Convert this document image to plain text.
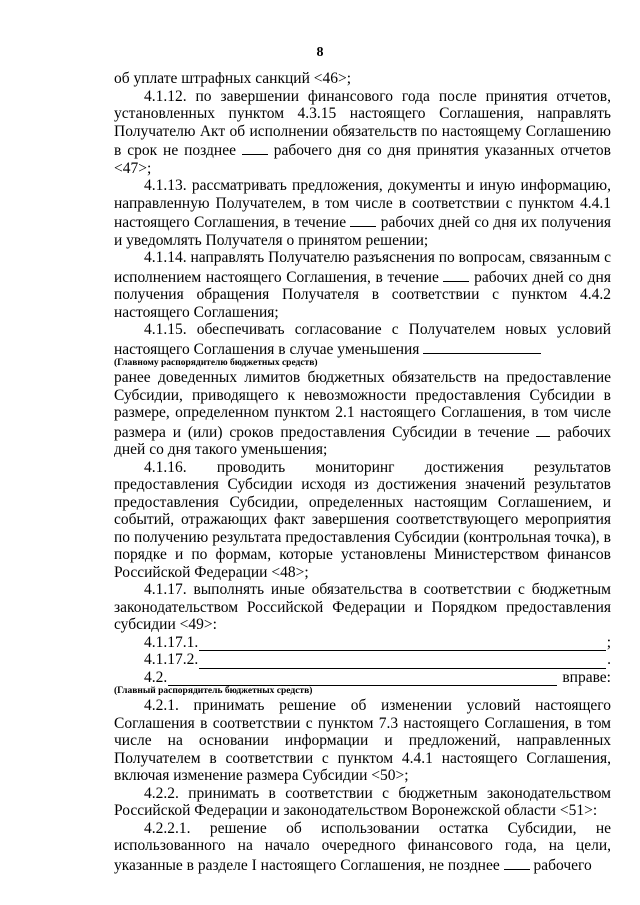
8

об уплате штрафных санкций <46>;

4.1.12. по завершении финансового года после принятия отчетов, установленных пунктом 4.3.15 настоящего Соглашения, направлять Получателю Акт об исполнении обязательств по настоящему Соглашению в срок не позднее рабочего дня со дня принятия указанных отчетов <47>;

4.1.13. рассматривать предложения, документы и иную информацию, направленную Получателем, в том числе в соответствии с пунктом 4.4.1 настоящего Соглашения, в течение рабочих дней со дня их получения и уведомлять Получателя о принятом решении;

4.1.14. направлять Получателю разъяснения по вопросам, связанным с исполнением настоящего Соглашения, в течение рабочих дней со дня получения обращения Получателя в соответствии с пунктом 4.4.2 настоящего Соглашения;

4.1.15. обеспечивать согласование с Получателем новых условий настоящего Соглашения в случае уменьшения

(Главному распорядителю бюджетных средств)

ранее доведенных лимитов бюджетных обязательств на предоставление Субсидии, приводящего к невозможности предоставления Субсидии в размере, определенном пунктом 2.1 настоящего Соглашения, в том числе размера и (или) сроков предоставления Субсидии в течение рабочих дней со дня такого уменьшения;

4.1.16. проводить мониторинг достижения результатов предоставления Субсидии исходя из достижения значений результатов предоставления Субсидии, определенных настоящим Соглашением, и событий, отражающих факт завершения соответствующего мероприятия по получению результата предоставления Субсидии (контрольная точка), в порядке и по формам, которые установлены Министерством финансов Российской Федерации <48>;

4.1.17. выполнять иные обязательства в соответствии с бюджетным законодательством Российской Федерации и Порядком предоставления субсидии <49>:

4.1.17.1.	;
4.1.17.2.	.
4.2.	вправе:

(Главный распорядитель бюджетных средств)

4.2.1. принимать решение об изменении условий настоящего Соглашения в соответствии с пунктом 7.3 настоящего Соглашения, в том числе на основании информации и предложений, направленных Получателем в соответствии с пунктом 4.4.1 настоящего Соглашения, включая изменение размера Субсидии <50>;

4.2.2. принимать в соответствии с бюджетным законодательством Российской Федерации и законодательством Воронежской области <51>:

4.2.2.1. решение об использовании остатка Субсидии, не использованного на начало очередного финансового года, на цели, указанные в разделе I настоящего Соглашения, не позднее рабочего
